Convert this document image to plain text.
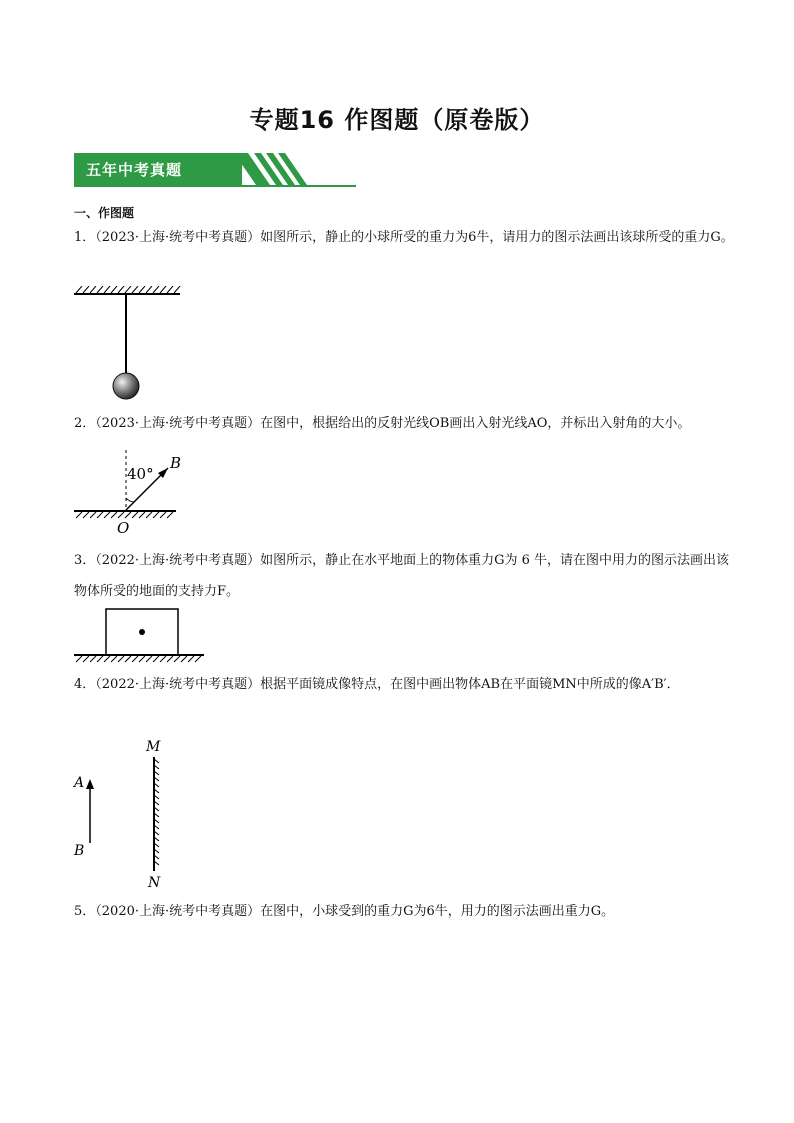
专题16 作图题（原卷版）
五年中考真题
一、作图题
1．（2023·上海·统考中考真题）如图所示，静止的小球所受的重力为6牛，请用力的图示法画出该球所受的重力G。
2．（2023·上海·统考中考真题）在图中，根据给出的反射光线OB画出入射光线AO，并标出入射角的大小。
40°
B
O
3．（2022·上海·统考中考真题）如图所示，静止在水平地面上的物体重力G为 6 牛，请在图中用力的图示法画出该物体所受的地面的支持力F。
4．（2022·上海·统考中考真题）根据平面镜成像特点，在图中画出物体AB在平面镜MN中所成的像A′B′．
M
N
A
B
5．（2020·上海·统考中考真题）在图中，小球受到的重力G为6牛，用力的图示法画出重力G。
